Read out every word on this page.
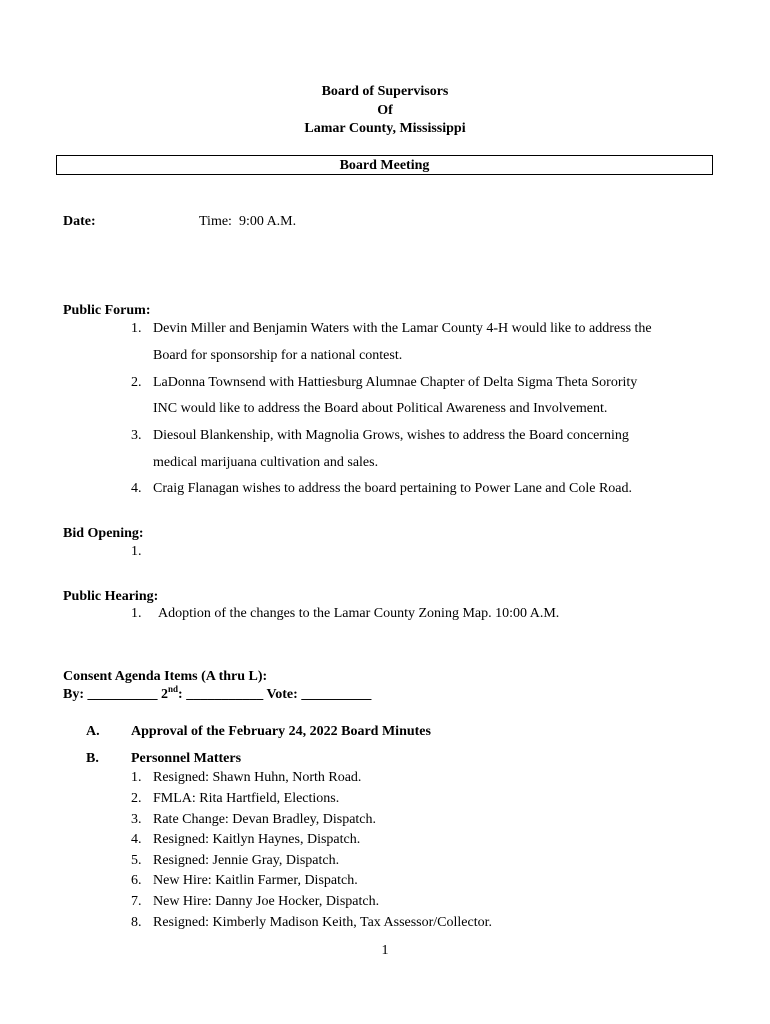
Board of Supervisors
Of
Lamar County, Mississippi
Board Meeting
Date:	Time: 9:00 A.M.
Public Forum:
1. Devin Miller and Benjamin Waters with the Lamar County 4-H would like to address the
Board for sponsorship for a national contest.
2. LaDonna Townsend with Hattiesburg Alumnae Chapter of Delta Sigma Theta Sorority
INC would like to address the Board about Political Awareness and Involvement.
3. Diesoul Blankenship, with Magnolia Grows, wishes to address the Board concerning
medical marijuana cultivation and sales.
4. Craig Flanagan wishes to address the board pertaining to Power Lane and Cole Road.
Bid Opening:
1.
Public Hearing:
1. Adoption of the changes to the Lamar County Zoning Map. 10:00 A.M.
Consent Agenda Items (A thru L):
By: __________ 2nd: ___________ Vote: __________
A. Approval of the February 24, 2022 Board Minutes
B. Personnel Matters
1. Resigned: Shawn Huhn, North Road.
2. FMLA: Rita Hartfield, Elections.
3. Rate Change: Devan Bradley, Dispatch.
4. Resigned: Kaitlyn Haynes, Dispatch.
5. Resigned: Jennie Gray, Dispatch.
6. New Hire: Kaitlin Farmer, Dispatch.
7. New Hire: Danny Joe Hocker, Dispatch.
8. Resigned: Kimberly Madison Keith, Tax Assessor/Collector.
1
